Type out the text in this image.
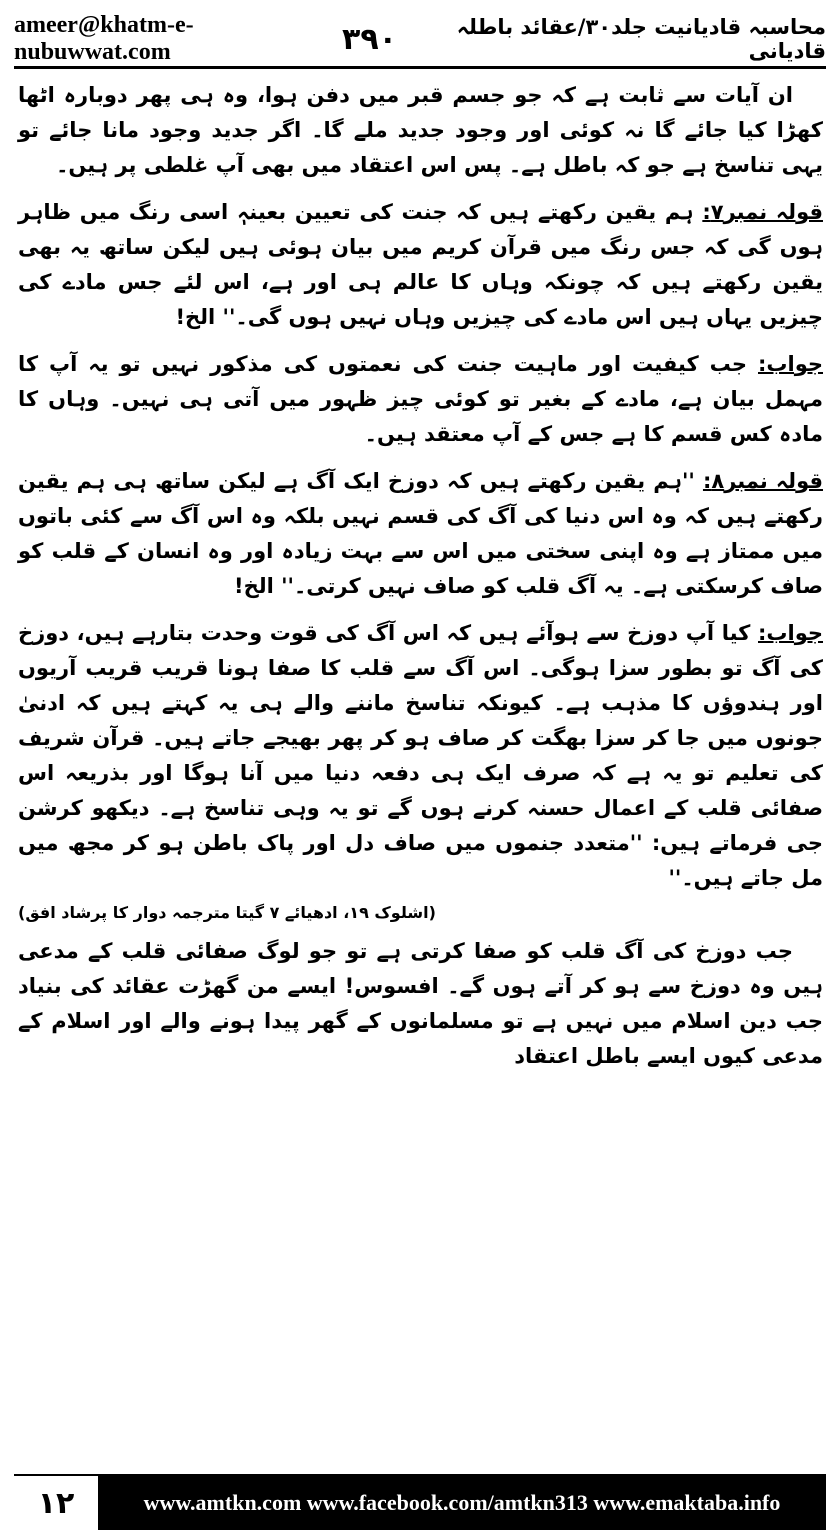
ameer@khatm-e-nubuwwat.com	۳۹۰	محاسبہ قادیانیت جلد۳۰/عقائد باطلہ قادیانی

ان آیات سے ثابت ہے کہ جو جسم قبر میں دفن ہوا، وہ ہی پھر دوبارہ اٹھا کھڑا کیا جائے گا نہ کوئی اور وجود جدید ملے گا۔ اگر جدید وجود مانا جائے تو یہی تناسخ ہے جو کہ باطل ہے۔ پس اس اعتقاد میں بھی آپ غلطی پر ہیں۔

قولہ نمبر۷: ہم یقین رکھتے ہیں کہ جنت کی تعیین بعینہٖ اسی رنگ میں ظاہر ہوں گی کہ جس رنگ میں قرآن کریم میں بیان ہوئی ہیں لیکن ساتھ یہ بھی یقین رکھتے ہیں کہ چونکہ وہاں کا عالم ہی اور ہے، اس لئے جس مادے کی چیزیں یہاں ہیں اس مادے کی چیزیں وہاں نہیں ہوں گی۔'' الخ!

جواب: جب کیفیت اور ماہیت جنت کی نعمتوں کی مذکور نہیں تو یہ آپ کا مہمل بیان ہے، مادے کے بغیر تو کوئی چیز ظہور میں آتی ہی نہیں۔ وہاں کا مادہ کس قسم کا ہے جس کے آپ معتقد ہیں۔

قولہ نمبر۸: ''ہم یقین رکھتے ہیں کہ دوزخ ایک آگ ہے لیکن ساتھ ہی ہم یقین رکھتے ہیں کہ وہ اس دنیا کی آگ کی قسم نہیں بلکہ وہ اس آگ سے کئی باتوں میں ممتاز ہے وہ اپنی سختی میں اس سے بہت زیادہ اور وہ انسان کے قلب کو صاف کرسکتی ہے۔ یہ آگ قلب کو صاف نہیں کرتی۔'' الخ!

جواب: کیا آپ دوزخ سے ہوآئے ہیں کہ اس آگ کی قوت وحدت بتارہے ہیں، دوزخ کی آگ تو بطور سزا ہوگی۔ اس آگ سے قلب کا صفا ہونا قریب قریب آریوں اور ہندوؤں کا مذہب ہے۔ کیونکہ تناسخ ماننے والے ہی یہ کہتے ہیں کہ ادنیٰ جونوں میں جا کر سزا بھگت کر صاف ہو کر پھر بھیجے جاتے ہیں۔ قرآن شریف کی تعلیم تو یہ ہے کہ صرف ایک ہی دفعہ دنیا میں آنا ہوگا اور بذریعہ اس صفائی قلب کے اعمال حسنہ کرنے ہوں گے تو یہ وہی تناسخ ہے۔ دیکھو کرشن جی فرماتے ہیں: ''متعدد جنموں میں صاف دل اور پاک باطن ہو کر مجھ میں مل جاتے ہیں۔''

(اشلوک ۱۹، ادھیائے ۷ گیتا مترجمہ دوار کا پرشاد افق)

جب دوزخ کی آگ قلب کو صفا کرتی ہے تو جو لوگ صفائی قلب کے مدعی ہیں وہ دوزخ سے ہو کر آتے ہوں گے۔ افسوس! ایسے من گھڑت عقائد کی بنیاد جب دین اسلام میں نہیں ہے تو مسلمانوں کے گھر پیدا ہونے والے اور اسلام کے مدعی کیوں ایسے باطل اعتقاد

۱۲	www.amtkn.com www.facebook.com/amtkn313 www.emaktaba.info
